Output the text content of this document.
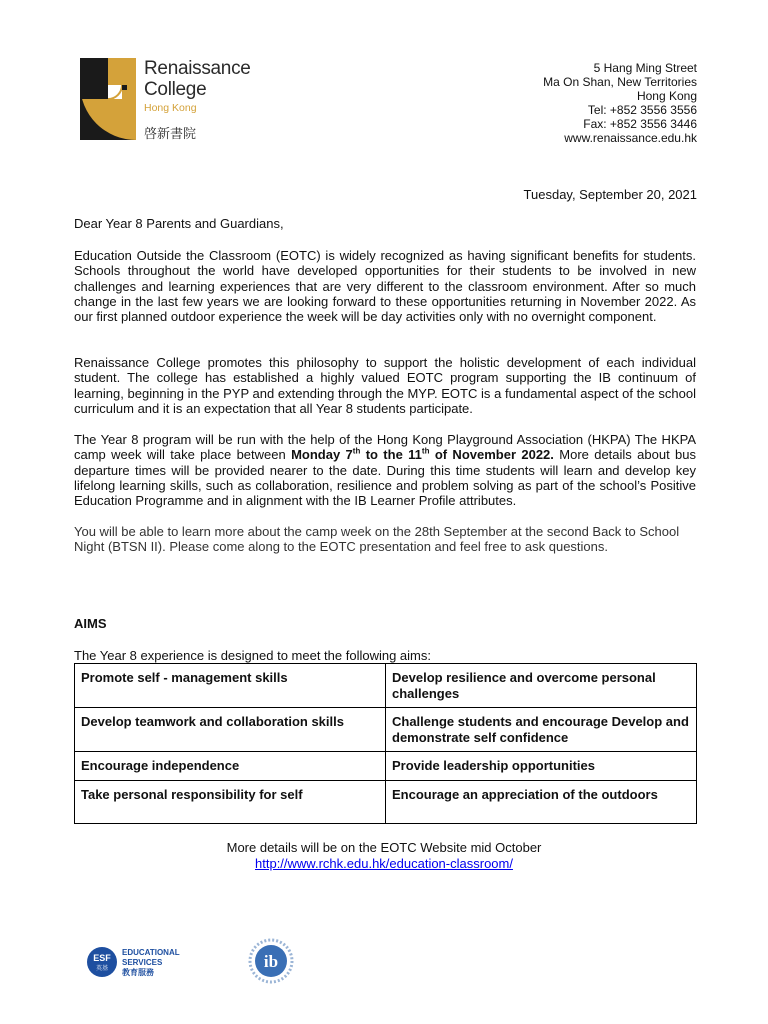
Renaissance
College
Hong Kong
啓新書院
5 Hang Ming Street
Ma On Shan, New Territories
Hong Kong
Tel: +852 3556 3556
Fax: +852 3556 3446
www.renaissance.edu.hk
Tuesday, September 20, 2021
Dear Year 8 Parents and Guardians,
Education Outside the Classroom (EOTC) is widely recognized as having significant benefits for students. Schools throughout the world have developed opportunities for their students to be involved in new challenges and learning experiences that are very different to the classroom environment. After so much change in the last few years we are looking forward to these opportunities returning in November 2022. As our first planned outdoor experience the week will be day activities only with no overnight component.
Renaissance College promotes this philosophy to support the holistic development of each individual student. The college has established a highly valued EOTC program supporting the IB continuum of learning, beginning in the PYP and extending through the MYP. EOTC is a fundamental aspect of the school curriculum and it is an expectation that all Year 8 students participate.
The Year 8 program will be run with the help of the Hong Kong Playground Association (HKPA) The HKPA camp week will take place between Monday 7th to the 11th of November 2022. More details about bus departure times will be provided nearer to the date. During this time students will learn and develop key lifelong learning skills, such as collaboration, resilience and problem solving as part of the school’s Positive Education Programme and in alignment with the IB Learner Profile attributes.
You will be able to learn more about the camp week on the 28th September at the second Back to School Night (BTSN II). Please come along to the EOTC presentation and feel free to ask questions.
AIMS
The Year 8 experience is designed to meet the following aims:
Promote self - management skills	Develop resilience and overcome personal challenges
Develop teamwork and collaboration skills	Challenge students and encourage Develop and demonstrate self confidence
Encourage independence	Provide leadership opportunities
Take personal responsibility for self	Encourage an appreciation of the outdoors
More details will be on the EOTC Website mid October
http://www.rchk.edu.hk/education-classroom/
ESF
英基
EDUCATIONAL
SERVICES
教育服務
ib
